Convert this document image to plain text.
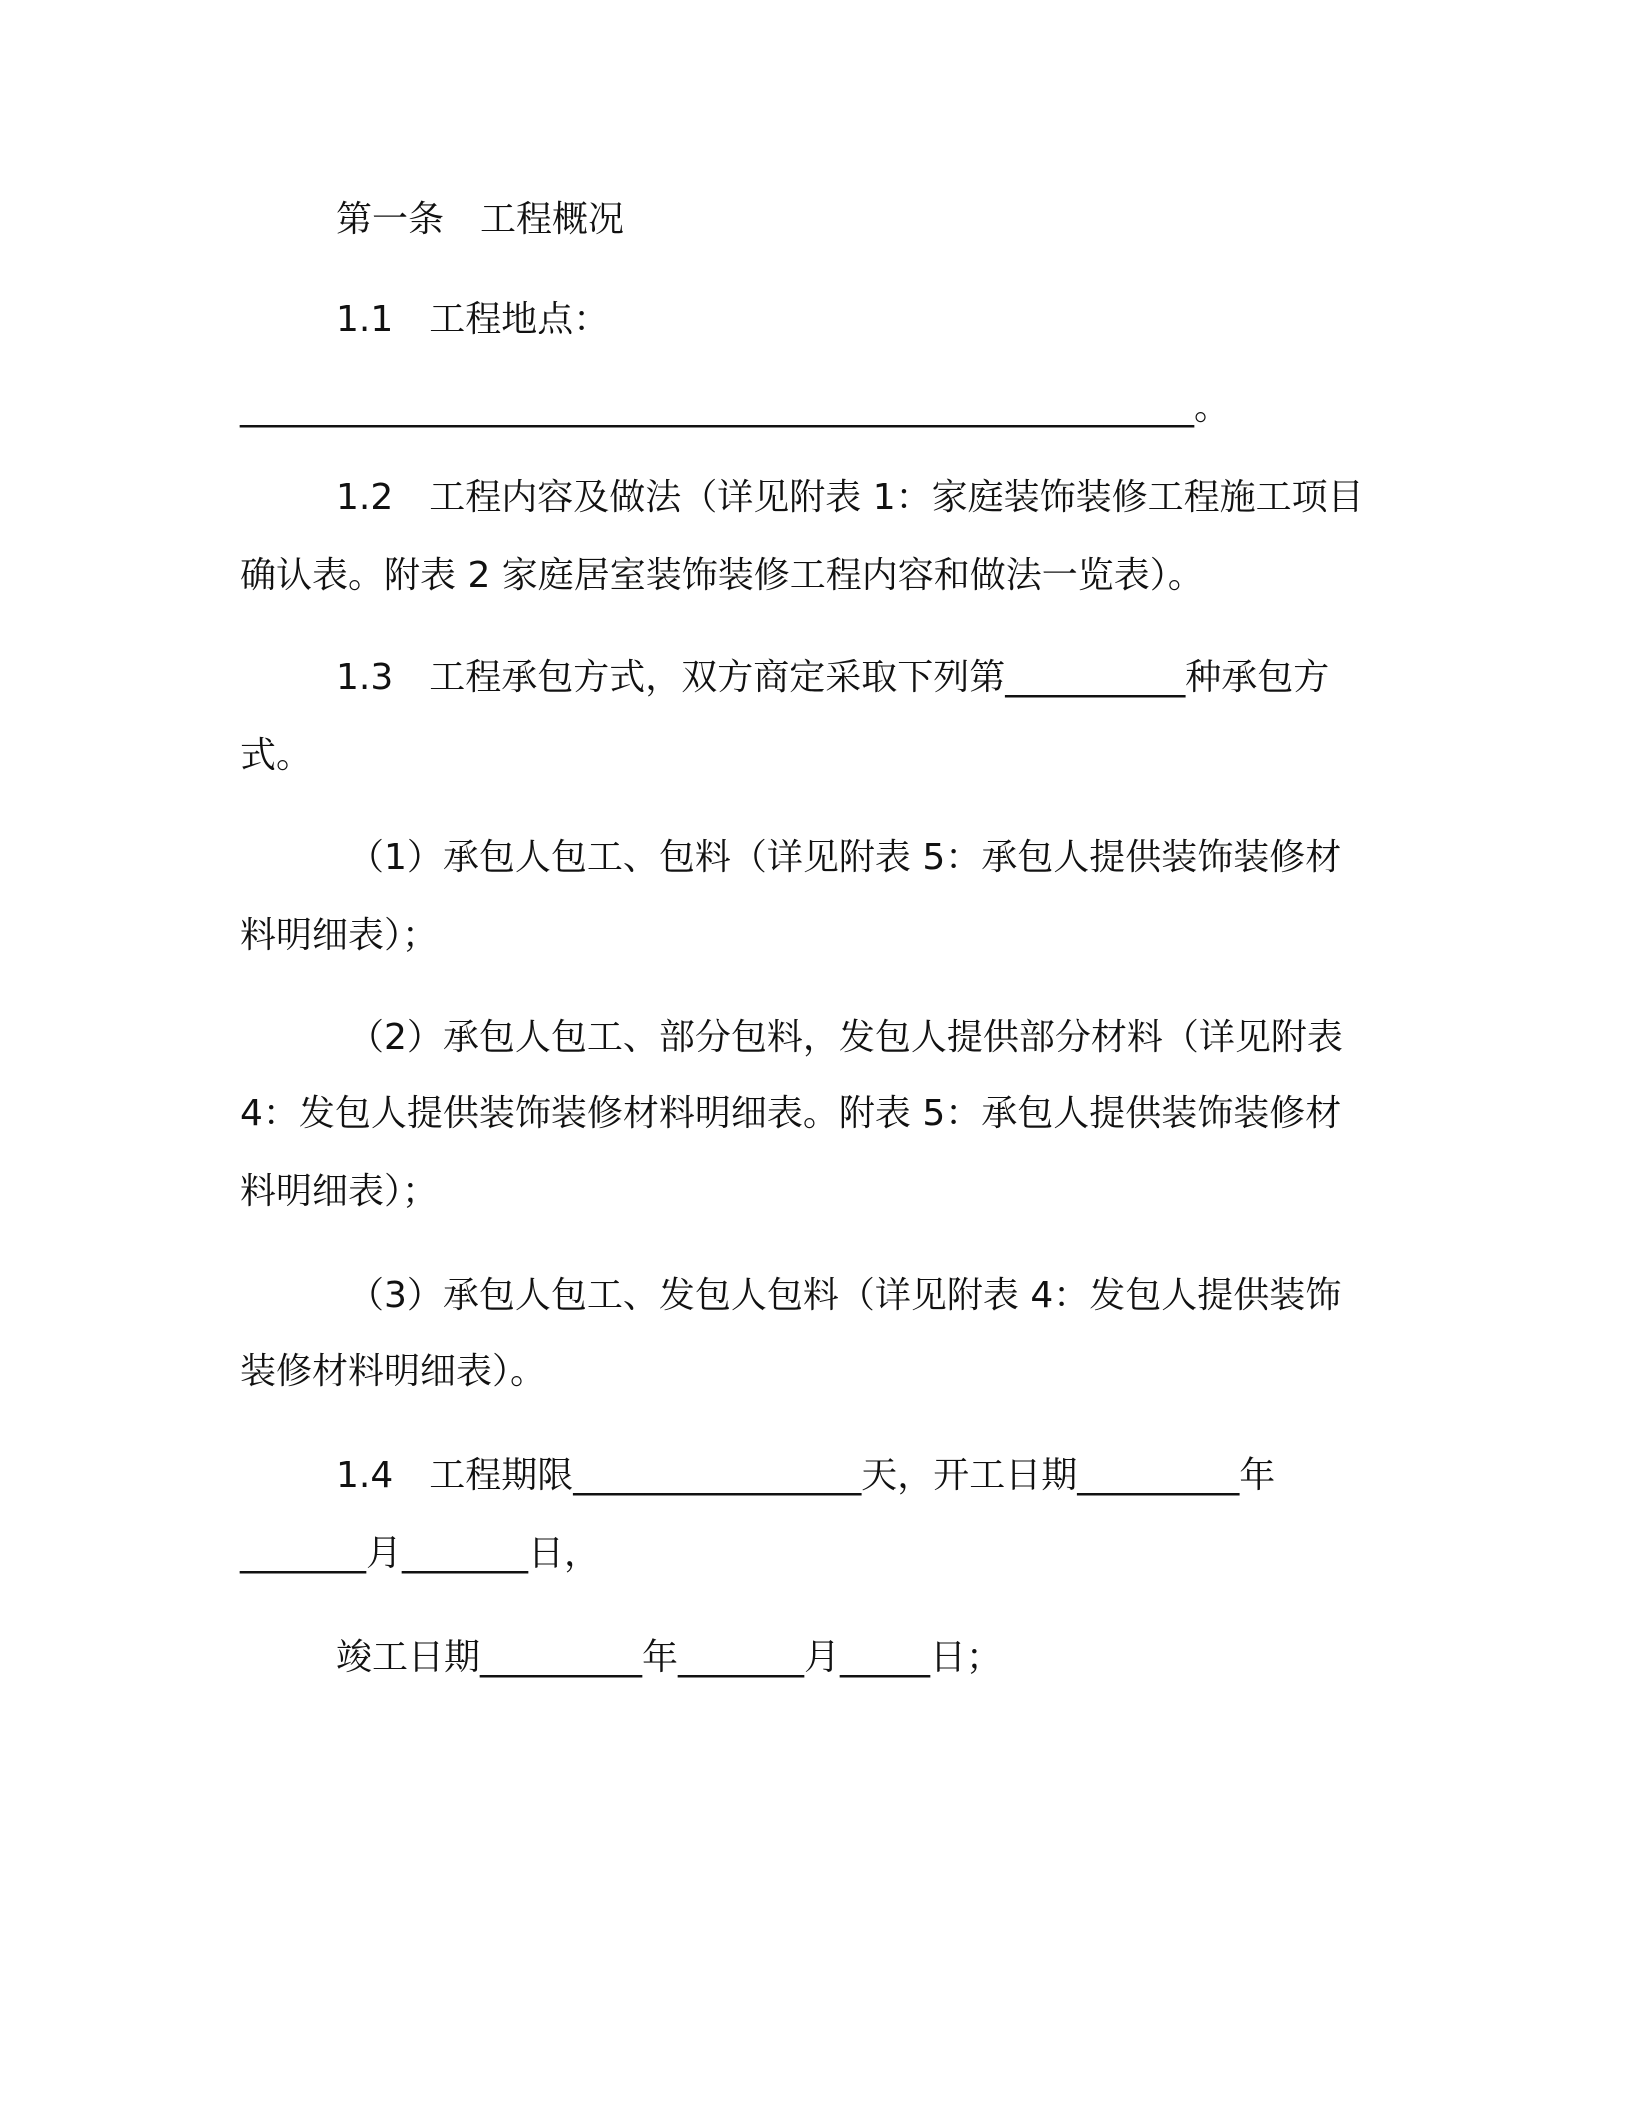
第一条　工程概况
1.1　工程地点：
_____________________________________________________。
1.2　工程内容及做法（详见附表 1：家庭装饰装修工程施工项目
确认表。附表 2 家庭居室装饰装修工程内容和做法一览表）。
1.3　工程承包方式，双方商定采取下列第__________种承包方
式。
（1）承包人包工、包料（详见附表 5：承包人提供装饰装修材
料明细表）；
（2）承包人包工、部分包料，发包人提供部分材料（详见附表
4：发包人提供装饰装修材料明细表。附表 5：承包人提供装饰装修材
料明细表）；
（3）承包人包工、发包人包料（详见附表 4：发包人提供装饰
装修材料明细表）。
1.4　工程期限________________天，开工日期_________年
_______月_______日，
竣工日期_________年_______月_____日；
